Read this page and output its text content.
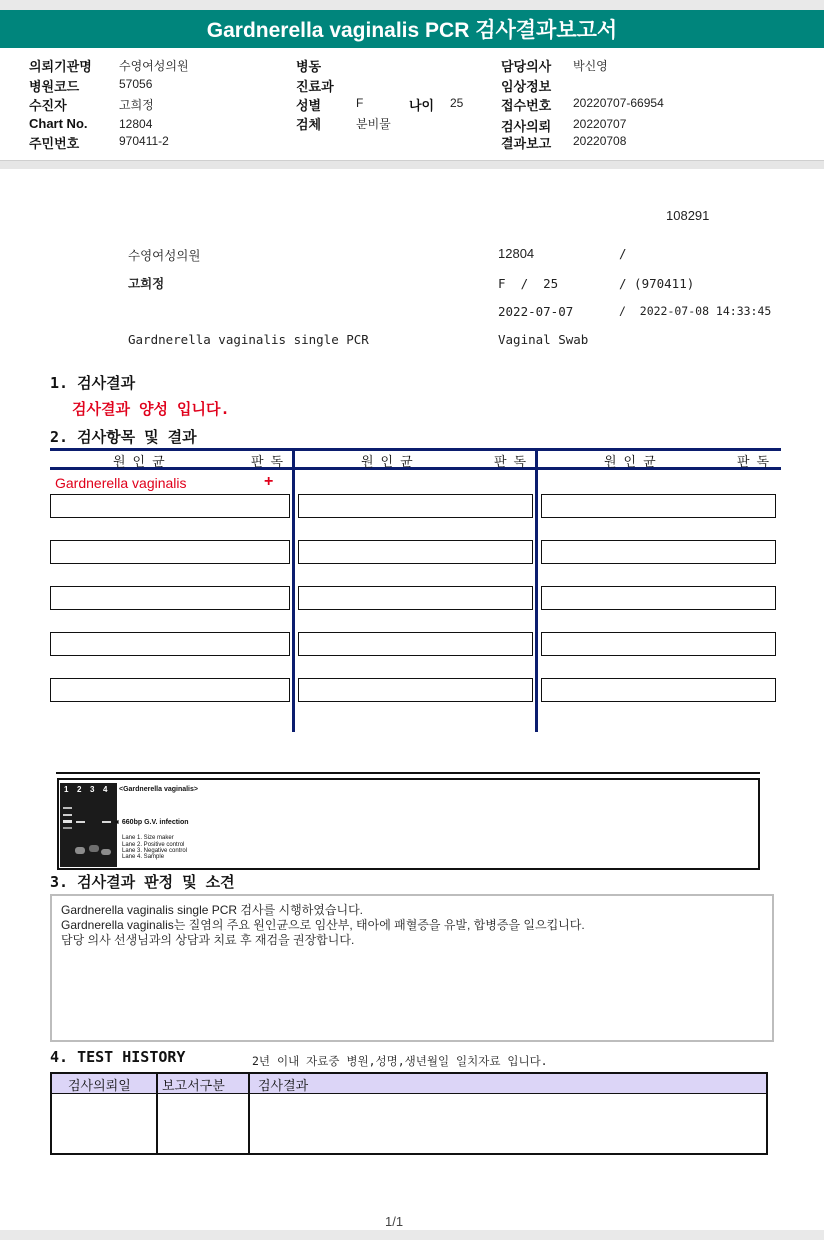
Gardnerella vaginalis PCR 검사결과보고서
의뢰기관명 수영여성의원
병원코드	57056
수진자	고희정
Chart No.	12804
주민번호	970411-2
병동
진료과
성별	F	나이 25
검체	분비물
담당의사 박신영
임상정보
접수번호 20220707-66954
검사의뢰 20220707
결과보고 20220708
108291
수영여성의원	12804	/
고희정	F  /  25	/ (970411)
2022-07-07	/  2022-07-08 14:33:45
Gardnerella vaginalis single PCR	Vaginal Swab
1. 검사결과
검사결과 양성 입니다.
2. 검사항목 및 결과
원인균	판독	원인균	판독	원인균	판독
Gardnerella vaginalis	+
1 2 3 4 <Gardnerella vaginalis>
◄ 660bp G.V. infection
Lane 1. Size maker
Lane 2. Positive control
Lane 3. Negative control
Lane 4. Sample
3. 검사결과 판정 및 소견
Gardnerella vaginalis single PCR 검사를 시행하였습니다.
Gardnerella vaginalis는 질염의 주요 원인균으로 임산부, 태아에 패혈증을 유발, 합병증을 일으킵니다.
담당 의사 선생님과의 상담과 치료 후 재검을 권장합니다.
4. TEST HISTORY	2년 이내 자료중 병원,성명,생년월일 일치자료 입니다.
검사의뢰일 보고서구분	검사결과
1/1
